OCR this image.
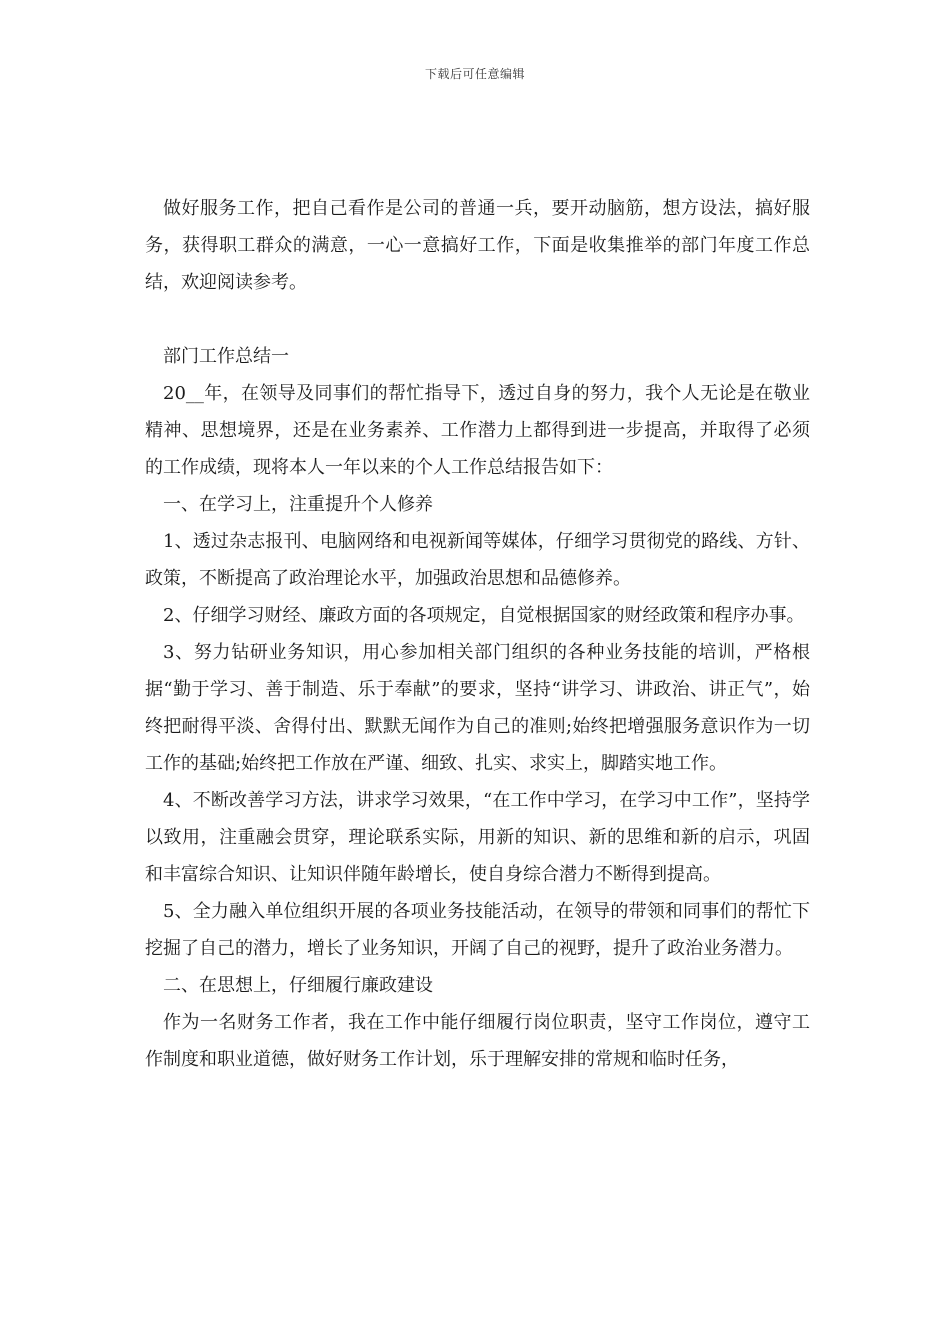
下载后可任意编辑

做好服务工作，把自己看作是公司的普通一兵，要开动脑筋，想方设法，搞好服务，获得职工群众的满意，一心一意搞好工作，下面是收集推举的部门年度工作总结，欢迎阅读参考。

部门工作总结一

20__年，在领导及同事们的帮忙指导下，透过自身的努力，我个人无论是在敬业精神、思想境界，还是在业务素养、工作潜力上都得到进一步提高，并取得了必须的工作成绩，现将本人一年以来的个人工作总结报告如下：

一、在学习上，注重提升个人修养

1、透过杂志报刊、电脑网络和电视新闻等媒体，仔细学习贯彻党的路线、方针、政策，不断提高了政治理论水平，加强政治思想和品德修养。

2、仔细学习财经、廉政方面的各项规定，自觉根据国家的财经政策和程序办事。

3、努力钻研业务知识，用心参加相关部门组织的各种业务技能的培训，严格根据“勤于学习、善于制造、乐于奉献”的要求，坚持“讲学习、讲政治、讲正气”，始终把耐得平淡、舍得付出、默默无闻作为自己的准则;始终把增强服务意识作为一切工作的基础;始终把工作放在严谨、细致、扎实、求实上，脚踏实地工作。

4、不断改善学习方法，讲求学习效果，“在工作中学习，在学习中工作”，坚持学以致用，注重融会贯穿，理论联系实际，用新的知识、新的思维和新的启示，巩固和丰富综合知识、让知识伴随年龄增长，使自身综合潜力不断得到提高。

5、全力融入单位组织开展的各项业务技能活动，在领导的带领和同事们的帮忙下挖掘了自己的潜力，增长了业务知识，开阔了自己的视野，提升了政治业务潜力。

二、在思想上，仔细履行廉政建设

作为一名财务工作者，我在工作中能仔细履行岗位职责，坚守工作岗位，遵守工作制度和职业道德，做好财务工作计划，乐于理解安排的常规和临时任务，
